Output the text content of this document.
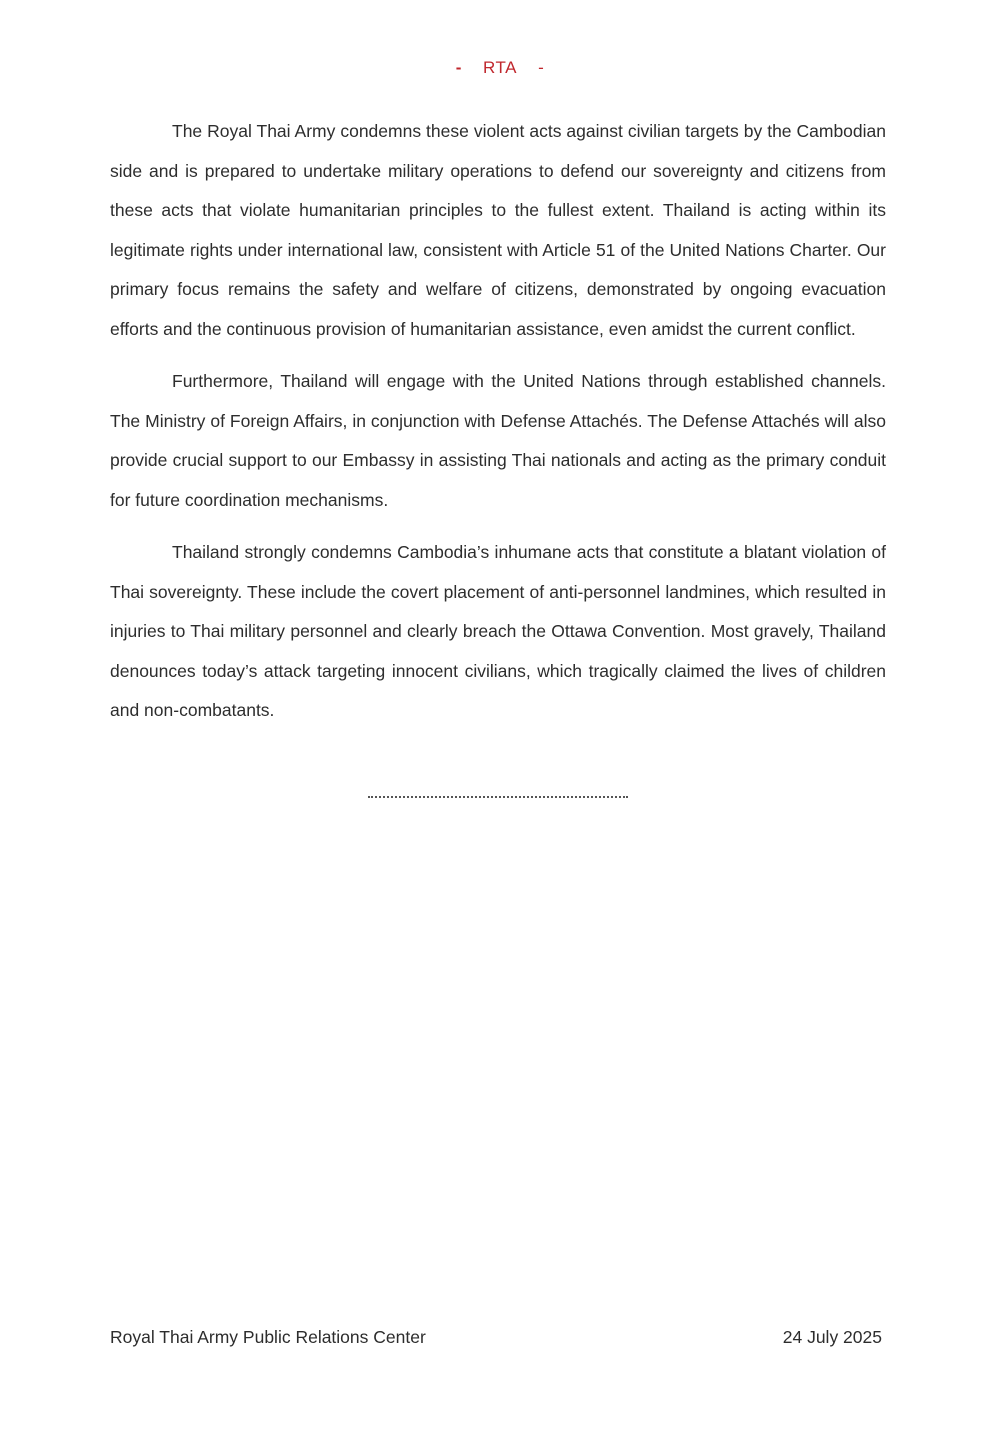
- RTA -

The Royal Thai Army condemns these violent acts against civilian targets by the Cambodian side and is prepared to undertake military operations to defend our sovereignty and citizens from these acts that violate humanitarian principles to the fullest extent. Thailand is acting within its legitimate rights under international law, consistent with Article 51 of the United Nations Charter. Our primary focus remains the safety and welfare of citizens, demonstrated by ongoing evacuation efforts and the continuous provision of humanitarian assistance, even amidst the current conflict.

Furthermore, Thailand will engage with the United Nations through established channels. The Ministry of Foreign Affairs, in conjunction with Defense Attachés. The Defense Attachés will also provide crucial support to our Embassy in assisting Thai nationals and acting as the primary conduit for future coordination mechanisms.

Thailand strongly condemns Cambodia’s inhumane acts that constitute a blatant violation of Thai sovereignty. These include the covert placement of anti-personnel landmines, which resulted in injuries to Thai military personnel and clearly breach the Ottawa Convention. Most gravely, Thailand denounces today’s attack targeting innocent civilians, which tragically claimed the lives of children and non-combatants.

Royal Thai Army Public Relations Center	24 July 2025
